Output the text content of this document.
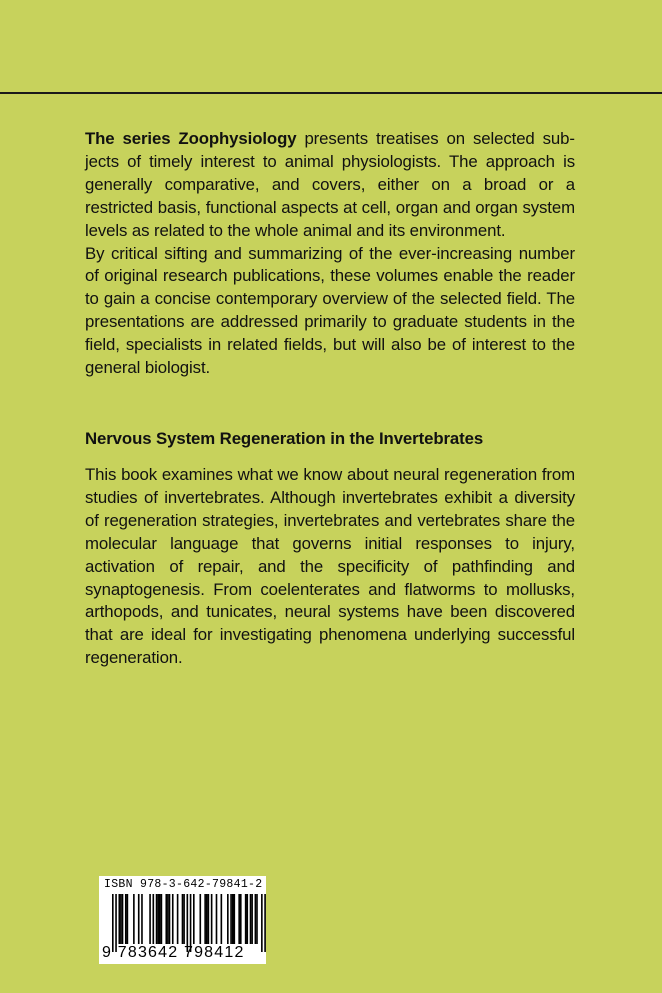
The series Zoophysiology presents treatises on selected subjects of timely interest to animal physiologists. The approach is generally comparative, and covers, either on a broad or a restricted basis, functional aspects at cell, organ and organ system levels as related to the whole animal and its environment.

By critical sifting and summarizing of the ever-increasing number of original research publications, these volumes enable the reader to gain a concise contemporary overview of the selected field. The presentations are addressed primarily to graduate students in the field, specialists in related fields, but will also be of interest to the general biologist.

Nervous System Regeneration in the Invertebrates

This book examines what we know about neural regeneration from studies of invertebrates. Although invertebrates exhibit a diversity of regeneration strategies, invertebrates and vertebrates share the molecular language that governs initial responses to injury, activation of repair, and the specificity of pathfinding and synaptogenesis. From coelenterates and flatworms to mollusks, arthopods, and tunicates, neural systems have been discovered that are ideal for investigating phenomena underlying successful regeneration.

ISBN 978-3-642-79841-2
9 783642 798412
